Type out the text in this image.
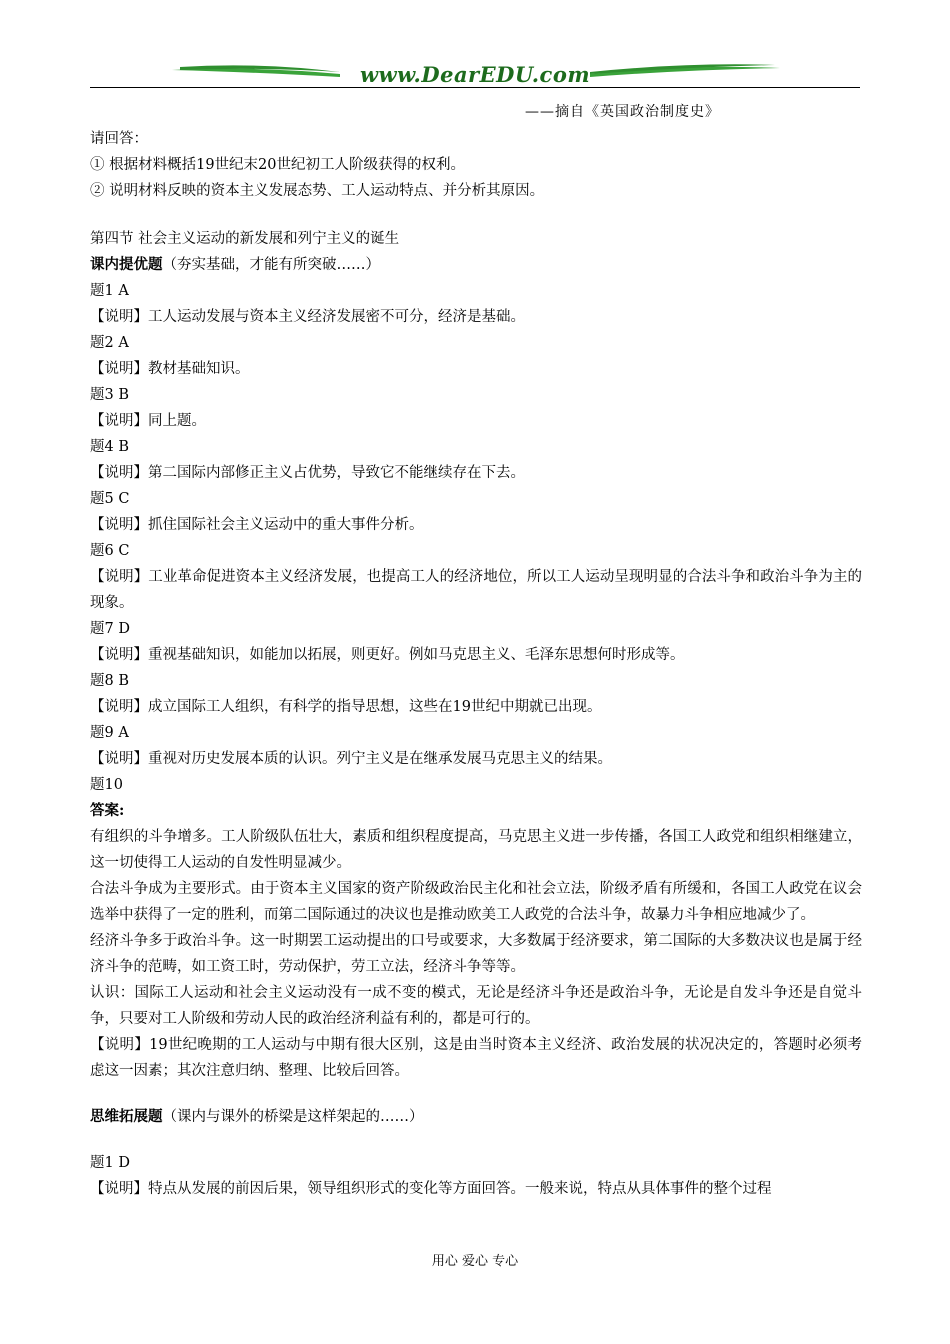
www.DearEDU.com
——摘自《英国政治制度史》
请回答：
① 根据材料概括19世纪末20世纪初工人阶级获得的权利。
② 说明材料反映的资本主义发展态势、工人运动特点、并分析其原因。
第四节 社会主义运动的新发展和列宁主义的诞生
课内提优题（夯实基础，才能有所突破……）
题1 A
【说明】工人运动发展与资本主义经济发展密不可分，经济是基础。
题2 A
【说明】教材基础知识。
题3 B
【说明】同上题。
题4 B
【说明】第二国际内部修正主义占优势，导致它不能继续存在下去。
题5 C
【说明】抓住国际社会主义运动中的重大事件分析。
题6 C
【说明】工业革命促进资本主义经济发展，也提高工人的经济地位，所以工人运动呈现明显的合法斗争和政治斗争为主的现象。
题7 D
【说明】重视基础知识，如能加以拓展，则更好。例如马克思主义、毛泽东思想何时形成等。
题8 B
【说明】成立国际工人组织，有科学的指导思想，这些在19世纪中期就已出现。
题9 A
【说明】重视对历史发展本质的认识。列宁主义是在继承发展马克思主义的结果。
题10
答案:
有组织的斗争增多。工人阶级队伍壮大，素质和组织程度提高，马克思主义进一步传播，各国工人政党和组织相继建立，这一切使得工人运动的自发性明显减少。
合法斗争成为主要形式。由于资本主义国家的资产阶级政治民主化和社会立法，阶级矛盾有所缓和，各国工人政党在议会选举中获得了一定的胜利，而第二国际通过的决议也是推动欧美工人政党的合法斗争，故暴力斗争相应地减少了。
经济斗争多于政治斗争。这一时期罢工运动提出的口号或要求，大多数属于经济要求，第二国际的大多数决议也是属于经济斗争的范畴，如工资工时，劳动保护，劳工立法，经济斗争等等。
认识：国际工人运动和社会主义运动没有一成不变的模式，无论是经济斗争还是政治斗争，无论是自发斗争还是自觉斗争，只要对工人阶级和劳动人民的政治经济利益有利的，都是可行的。
【说明】19世纪晚期的工人运动与中期有很大区别，这是由当时资本主义经济、政治发展的状况决定的，答题时必须考虑这一因素；其次注意归纳、整理、比较后回答。
思维拓展题（课内与课外的桥梁是这样架起的……）
题1 D
【说明】特点从发展的前因后果，领导组织形式的变化等方面回答。一般来说，特点从具体事件的整个过程
用心 爱心 专心
